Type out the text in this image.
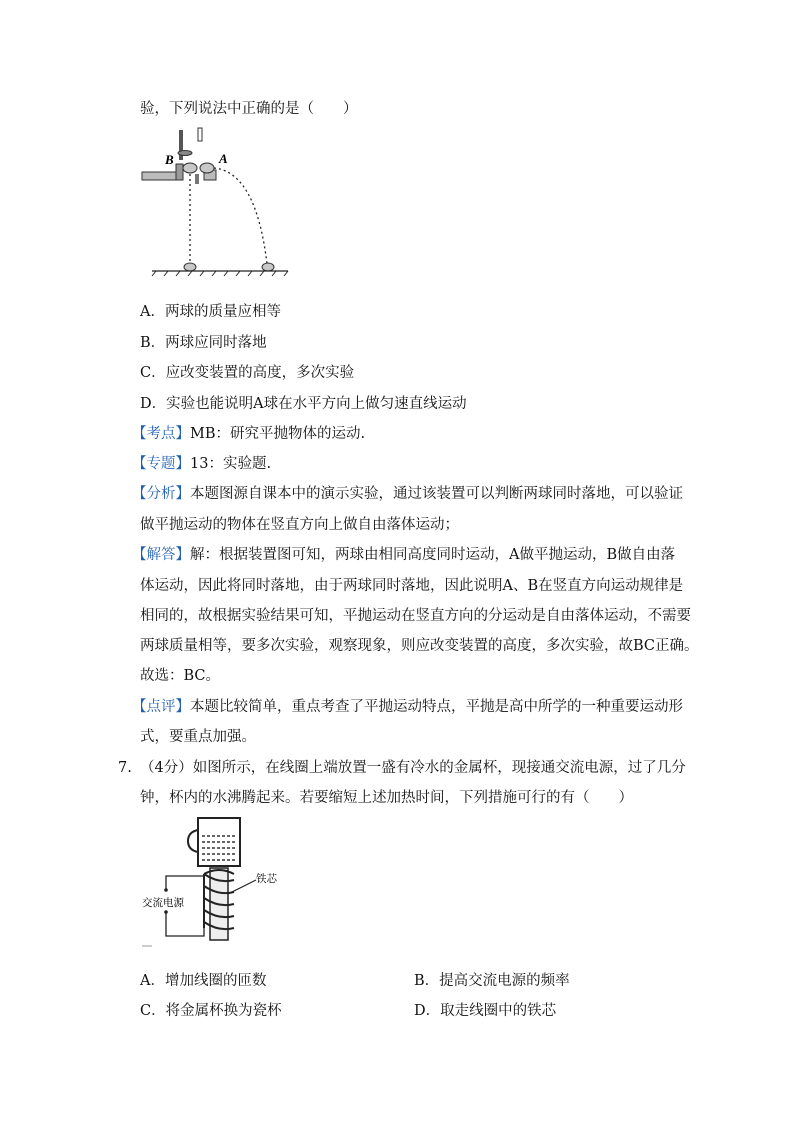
验，下列说法中正确的是（　　）
B	A
A．两球的质量应相等
B．两球应同时落地
C．应改变装置的高度，多次实验
D．实验也能说明A球在水平方向上做匀速直线运动
【考点】MB：研究平抛物体的运动.
【专题】13：实验题.
【分析】本题图源自课本中的演示实验，通过该装置可以判断两球同时落地，可以验证
做平抛运动的物体在竖直方向上做自由落体运动；
【解答】解：根据装置图可知，两球由相同高度同时运动，A做平抛运动，B做自由落
体运动，因此将同时落地，由于两球同时落地，因此说明A、B在竖直方向运动规律是
相同的，故根据实验结果可知，平抛运动在竖直方向的分运动是自由落体运动，不需要
两球质量相等，要多次实验，观察现象，则应改变装置的高度，多次实验，故BC正确。
故选：BC。
【点评】本题比较简单，重点考查了平抛运动特点，平抛是高中所学的一种重要运动形
式，要重点加强。
7. （4分）如图所示，在线圈上端放置一盛有冷水的金属杯，现接通交流电源，过了几分
钟，杯内的水沸腾起来。若要缩短上述加热时间，下列措施可行的有（　　）
交流电源
铁芯
A．增加线圈的匝数	B．提高交流电源的频率
C．将金属杯换为瓷杯	D．取走线圈中的铁芯
